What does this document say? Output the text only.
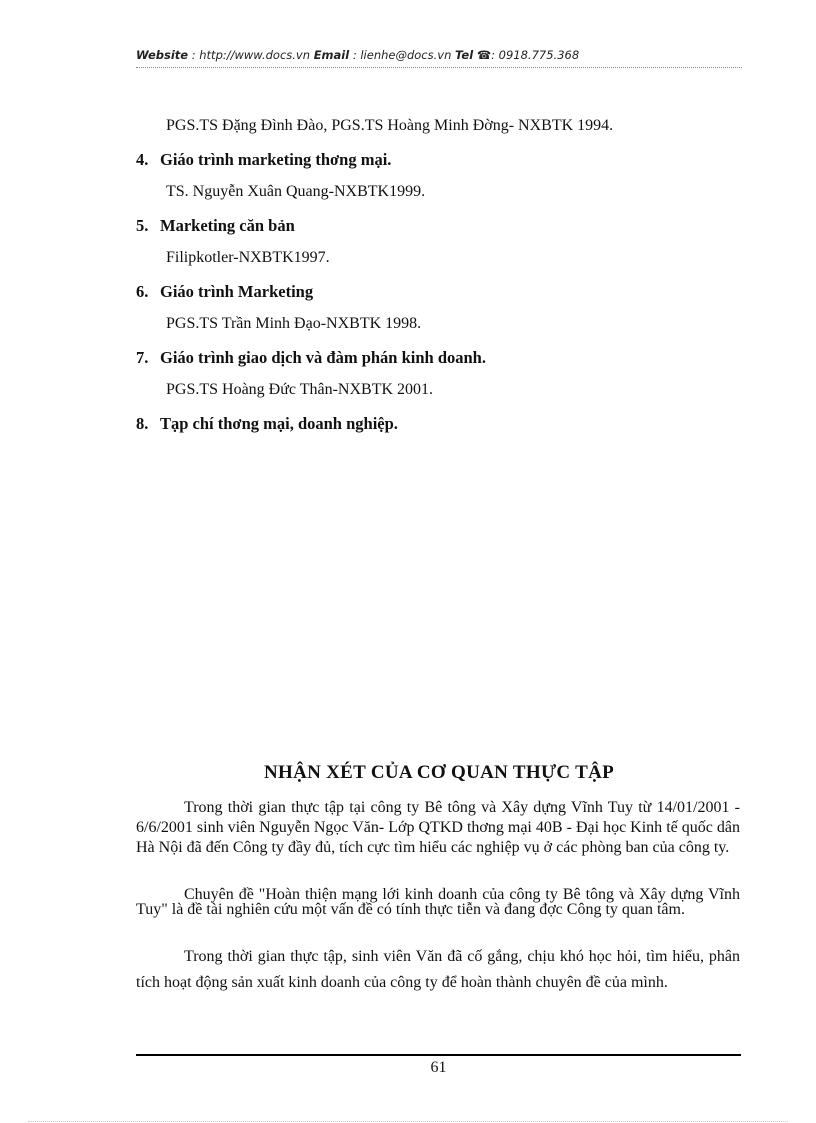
Website : http://www.docs.vn Email : lienhe@docs.vn Tel ☎: 0918.775.368
PGS.TS Đặng Đình Đào, PGS.TS Hoàng Minh Đờng- NXBTK 1994.
4. Giáo trình marketing thơng mại.
TS. Nguyễn Xuân Quang-NXBTK1999.
5. Marketing căn bản
Filipkotler-NXBTK1997.
6. Giáo trình Marketing
PGS.TS Trần Minh Đạo-NXBTK 1998.
7. Giáo trình giao dịch và đàm phán kinh doanh.
PGS.TS Hoàng Đức Thân-NXBTK 2001.
8. Tạp chí thơng mại, doanh nghiệp.
NHẬN XÉT CỦA CƠ QUAN THỰC TẬP

Trong thời gian thực tập tại công ty Bê tông và Xây dựng Vĩnh Tuy từ 14/01/2001 - 6/6/2001 sinh viên Nguyễn Ngọc Văn- Lớp QTKD thơng mại 40B - Đại học Kinh tế quốc dân Hà Nội đã đến Công ty đầy đủ, tích cực tìm hiểu các nghiệp vụ ở các phòng ban của công ty.

Chuyên đề "Hoàn thiện mạng lới kinh doanh của công ty Bê tông và Xây dựng Vĩnh Tuy" là đề tài nghiên cứu một vấn đề có tính thực tiễn và đang đợc Công ty quan tâm.

Trong thời gian thực tập, sinh viên Văn đã cố gắng, chịu khó học hỏi, tìm hiểu, phân tích hoạt động sản xuất kinh doanh của công ty để hoàn thành chuyên đề của mình.

61
